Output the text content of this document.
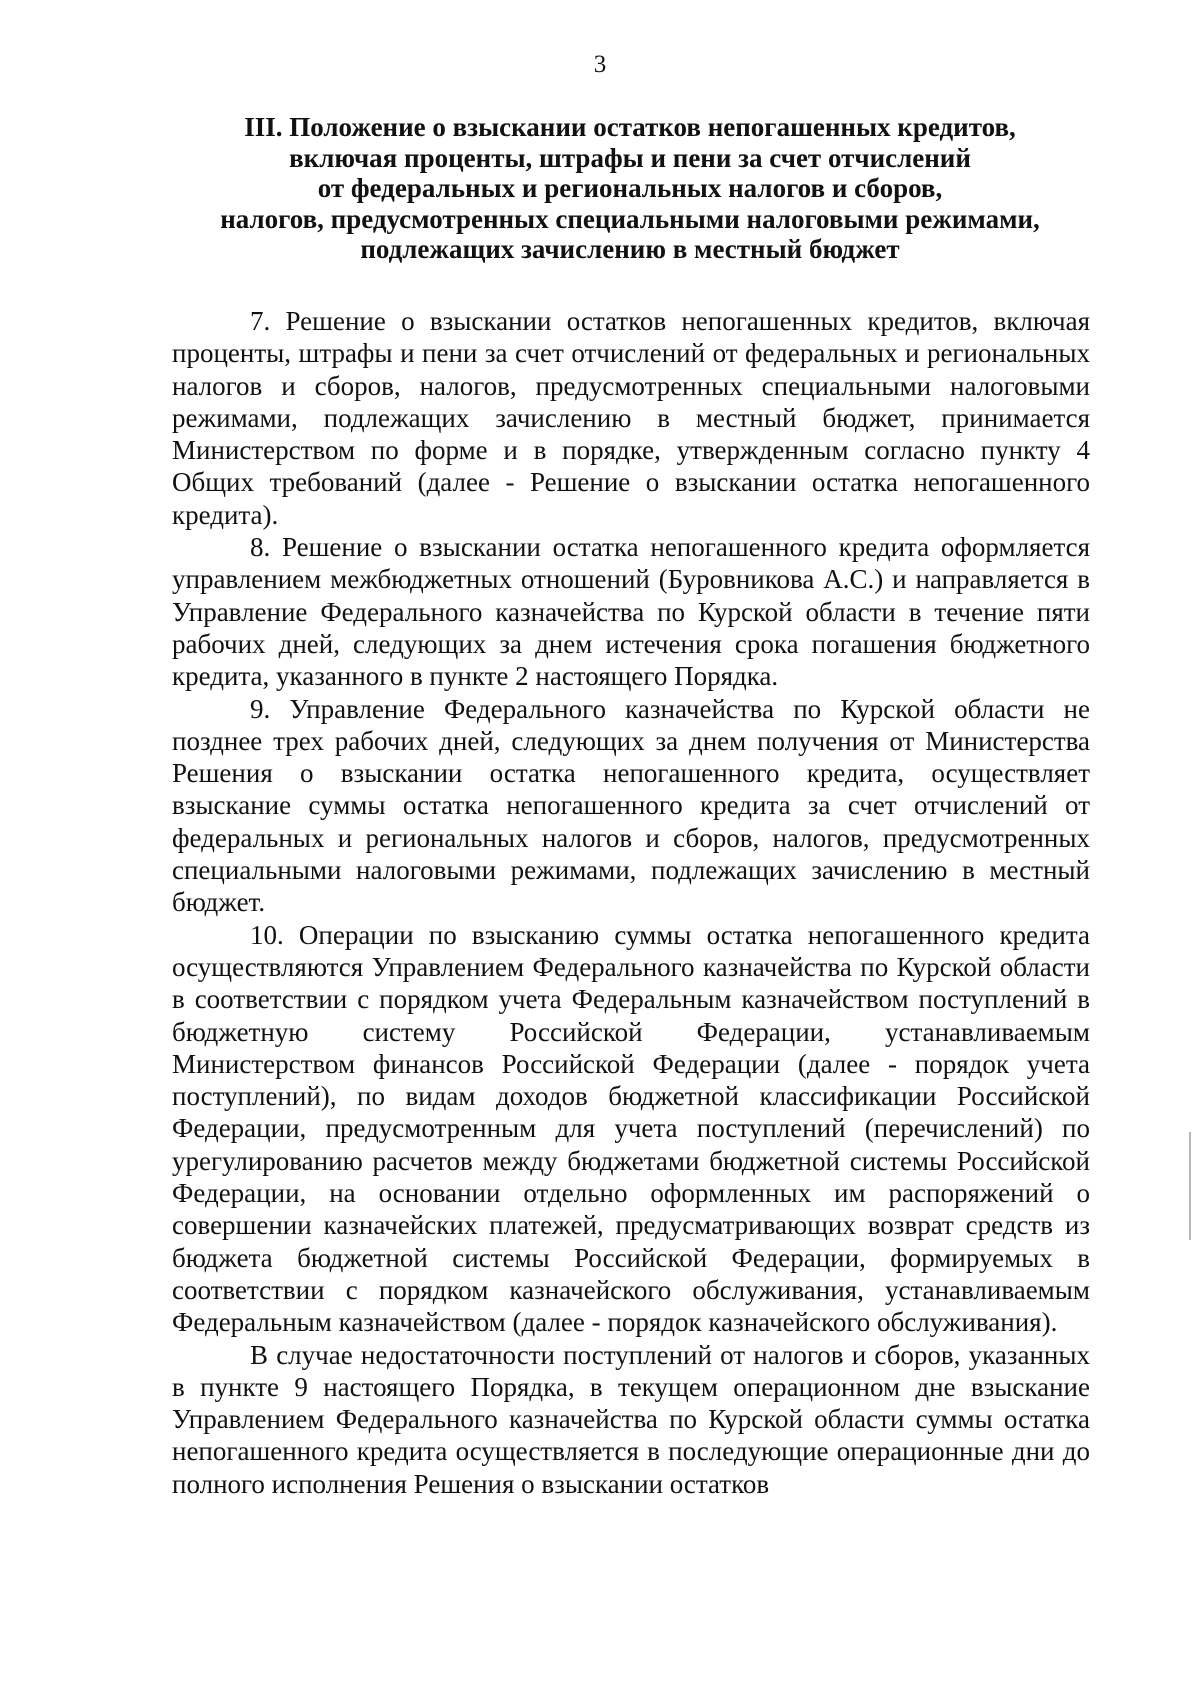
3
III. Положение о взыскании остатков непогашенных кредитов,
включая проценты, штрафы и пени за счет отчислений
от федеральных и региональных налогов и сборов,
налогов, предусмотренных специальными налоговыми режимами,
подлежащих зачислению в местный бюджет

7. Решение о взыскании остатков непогашенных кредитов, включая проценты, штрафы и пени за счет отчислений от федеральных и региональных налогов и сборов, налогов, предусмотренных специальными налоговыми режимами, подлежащих зачислению в местный бюджет, принимается Министерством по форме и в порядке, утвержденным согласно пункту 4 Общих требований (далее - Решение о взыскании остатка непогашенного кредита).

8. Решение о взыскании остатка непогашенного кредита оформляется управлением межбюджетных отношений (Буровникова А.С.) и направляется в Управление Федерального казначейства по Курской области в течение пяти рабочих дней, следующих за днем истечения срока погашения бюджетного кредита, указанного в пункте 2 настоящего Порядка.

9. Управление Федерального казначейства по Курской области не позднее трех рабочих дней, следующих за днем получения от Министерства Решения о взыскании остатка непогашенного кредита, осуществляет взыскание суммы остатка непогашенного кредита за счет отчислений от федеральных и региональных налогов и сборов, налогов, предусмотренных специальными налоговыми режимами, подлежащих зачислению в местный бюджет.

10. Операции по взысканию суммы остатка непогашенного кредита осуществляются Управлением Федерального казначейства по Курской области в соответствии с порядком учета Федеральным казначейством поступлений в бюджетную систему Российской Федерации, устанавливаемым Министерством финансов Российской Федерации (далее - порядок учета поступлений), по видам доходов бюджетной классификации Российской Федерации, предусмотренным для учета поступлений (перечислений) по урегулированию расчетов между бюджетами бюджетной системы Российской Федерации, на основании отдельно оформленных им распоряжений о совершении казначейских платежей, предусматривающих возврат средств из бюджета бюджетной системы Российской Федерации, формируемых в соответствии с порядком казначейского обслуживания, устанавливаемым Федеральным казначейством (далее - порядок казначейского обслуживания).

В случае недостаточности поступлений от налогов и сборов, указанных в пункте 9 настоящего Порядка, в текущем операционном дне взыскание Управлением Федерального казначейства по Курской области суммы остатка непогашенного кредита осуществляется в последующие операционные дни до полного исполнения Решения о взыскании остатков
